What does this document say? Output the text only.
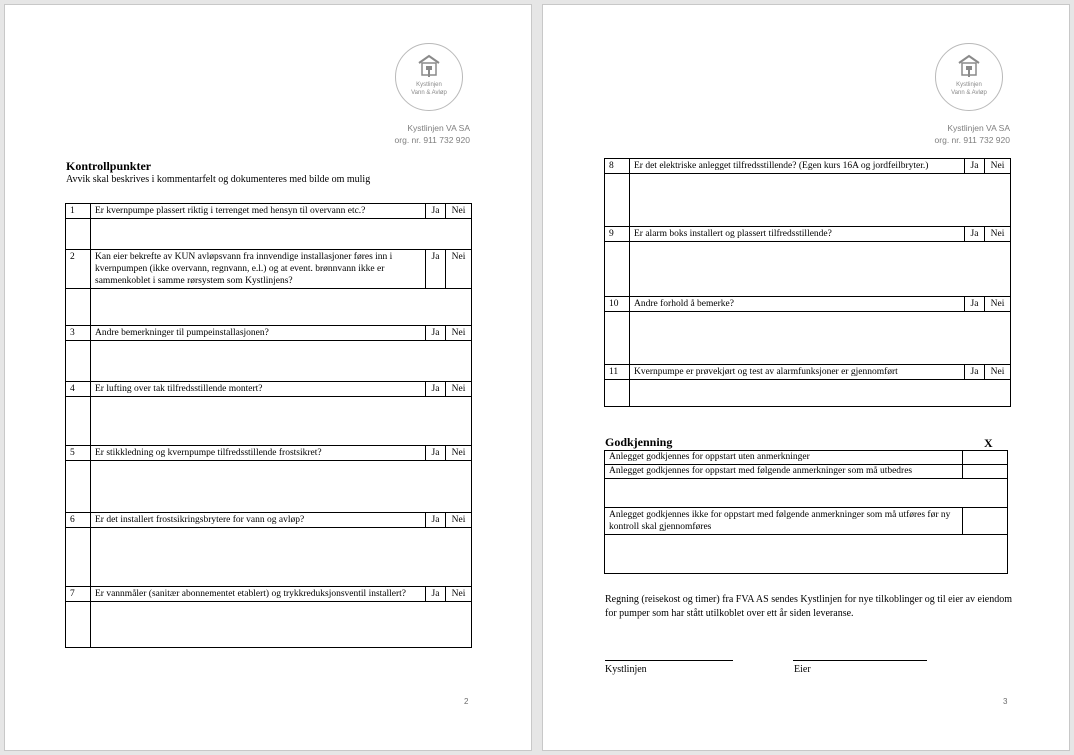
Kystlinjen
Vann & Avløp
Kystlinjen VA SA
org. nr. 911 732 920
Kontrollpunkter
Avvik skal beskrives i kommentarfelt og dokumenteres med bilde om mulig
1	Er kvernpumpe plassert riktig i terrenget med hensyn til overvann etc.?	Ja	Nei

2	Kan eier bekrefte av KUN avløpsvann fra innvendige installasjoner føres inn i kvernpumpen (ikke overvann, regnvann, e.l.) og at event. brønnvann ikke er sammenkoblet i samme rørsystem som Kystlinjens?	Ja	Nei

3	Andre bemerkninger til pumpeinstallasjonen?	Ja	Nei

4	Er lufting over tak tilfredsstillende montert?	Ja	Nei

5	Er stikkledning og kvernpumpe tilfredsstillende frostsikret?	Ja	Nei

6	Er det installert frostsikringsbrytere for vann og avløp?	Ja	Nei

7	Er vannmåler (sanitær abonnementet etablert) og trykkreduksjonsventil installert?	Ja	Nei

2
Kystlinjen
Vann & Avløp
Kystlinjen VA SA
org. nr. 911 732 920
8	Er det elektriske anlegget tilfredsstillende? (Egen kurs 16A og jordfeilbryter.)	Ja	Nei

9	Er alarm boks installert og plassert tilfredsstillende?	Ja	Nei

10	Andre forhold å bemerke?	Ja	Nei

11	Kvernpumpe er prøvekjørt og test av alarmfunksjoner er gjennomført	Ja	Nei

Godkjenning	X
Anlegget godkjennes for oppstart uten anmerkninger	
Anlegget godkjennes for oppstart med følgende anmerkninger som må utbedres	

Anlegget godkjennes ikke for oppstart med følgende anmerkninger som må utføres før ny kontroll skal gjennomføres	

Regning (reisekost og timer) fra FVA AS sendes Kystlinjen for nye tilkoblinger og til eier av eiendom for pumper som har stått utilkoblet over ett år siden leveranse.
Kystlinjen	Eier
3
